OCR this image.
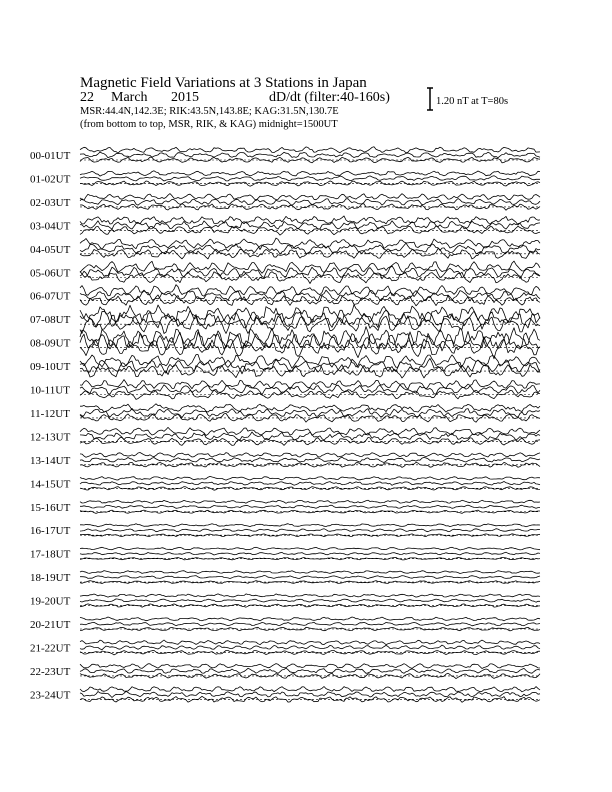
Magnetic Field Variations at 3 Stations in Japan
22 March 2015	dD/dt (filter:40-160s)
MSR:44.4N,142.3E; RIK:43.5N,143.8E; KAG:31.5N,130.7E
(from bottom to top, MSR, RIK, & KAG) midnight=1500UT
1.20 nT at T=80s
00-01UT
01-02UT
02-03UT
03-04UT
04-05UT
05-06UT
06-07UT
07-08UT
08-09UT
09-10UT
10-11UT
11-12UT
12-13UT
13-14UT
14-15UT
15-16UT
16-17UT
17-18UT
18-19UT
19-20UT
20-21UT
21-22UT
22-23UT
23-24UT
